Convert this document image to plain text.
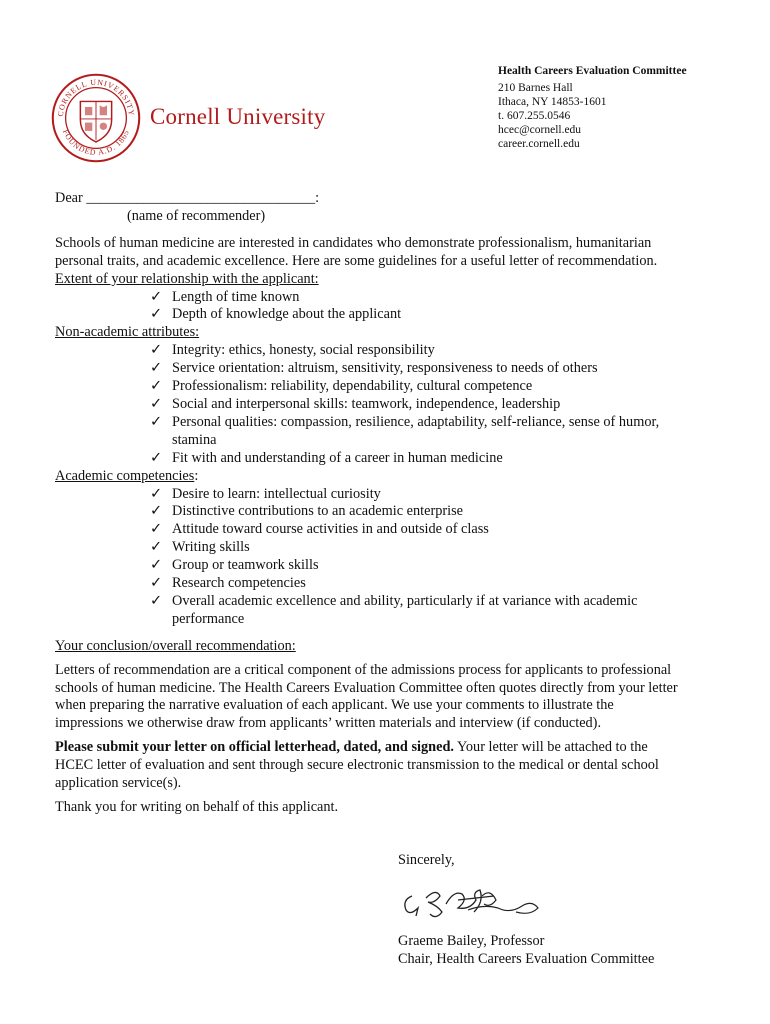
CORNELL UNIVERSITY
FOUNDED A.D. 1865
Cornell University
Health Careers Evaluation Committee
210 Barnes Hall
Ithaca, NY 14853-1601
t. 607.255.0546
hcec@cornell.edu
career.cornell.edu
Dear ________________________________:
(name of recommender)
Schools of human medicine are interested in candidates who demonstrate professionalism, humanitarian
personal traits, and academic excellence. Here are some guidelines for a useful letter of recommendation.
Extent of your relationship with the applicant:
✓ Length of time known
✓ Depth of knowledge about the applicant
Non-academic attributes:
✓ Integrity: ethics, honesty, social responsibility
✓ Service orientation: altruism, sensitivity, responsiveness to needs of others
✓ Professionalism: reliability, dependability, cultural competence
✓ Social and interpersonal skills: teamwork, independence, leadership
✓ Personal qualities: compassion, resilience, adaptability, self-reliance, sense of humor,
stamina
✓ Fit with and understanding of a career in human medicine
Academic competencies:
✓ Desire to learn: intellectual curiosity
✓ Distinctive contributions to an academic enterprise
✓ Attitude toward course activities in and outside of class
✓ Writing skills
✓ Group or teamwork skills
✓ Research competencies
✓ Overall academic excellence and ability, particularly if at variance with academic
performance
Your conclusion/overall recommendation:
Letters of recommendation are a critical component of the admissions process for applicants to professional
schools of human medicine. The Health Careers Evaluation Committee often quotes directly from your letter
when preparing the narrative evaluation of each applicant. We use your comments to illustrate the
impressions we otherwise draw from applicants’ written materials and interview (if conducted).
Please submit your letter on official letterhead, dated, and signed. Your letter will be attached to the
HCEC letter of evaluation and sent through secure electronic transmission to the medical or dental school
application service(s).
Thank you for writing on behalf of this applicant.
Sincerely,
Graeme Bailey, Professor
Chair, Health Careers Evaluation Committee
